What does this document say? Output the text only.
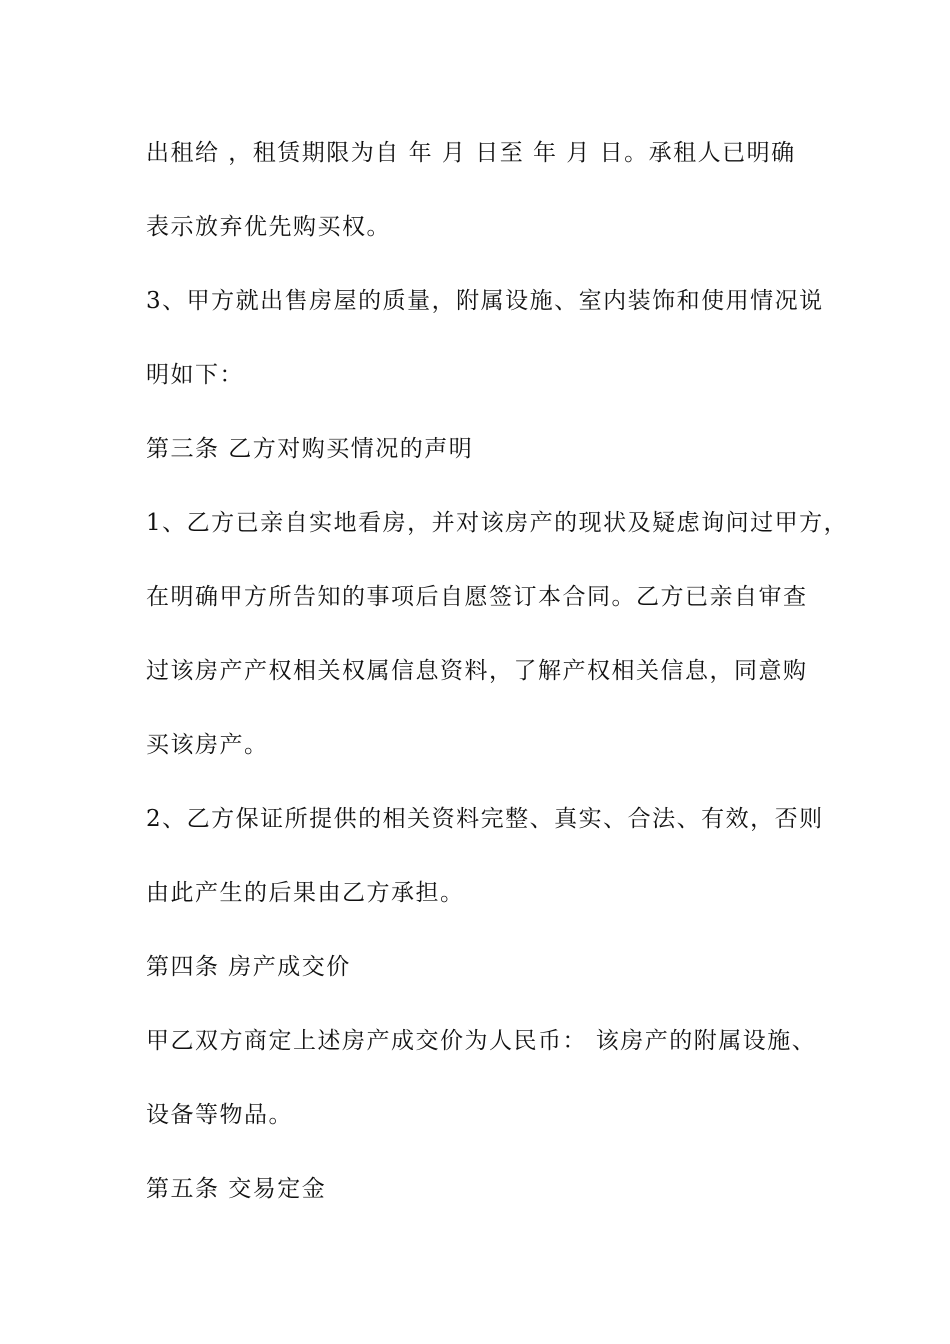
出租给 ，租赁期限为自 年 月 日至 年 月 日。承租人已明确
表示放弃优先购买权。
3、甲方就出售房屋的质量，附属设施、室内装饰和使用情况说
明如下：
第三条 乙方对购买情况的声明
1、乙方已亲自实地看房，并对该房产的现状及疑虑询问过甲方，
在明确甲方所告知的事项后自愿签订本合同。乙方已亲自审查
过该房产产权相关权属信息资料，了解产权相关信息，同意购
买该房产。
2、乙方保证所提供的相关资料完整、真实、合法、有效，否则
由此产生的后果由乙方承担。
第四条 房产成交价
甲乙双方商定上述房产成交价为人民币： 该房产的附属设施、
设备等物品。
第五条 交易定金
